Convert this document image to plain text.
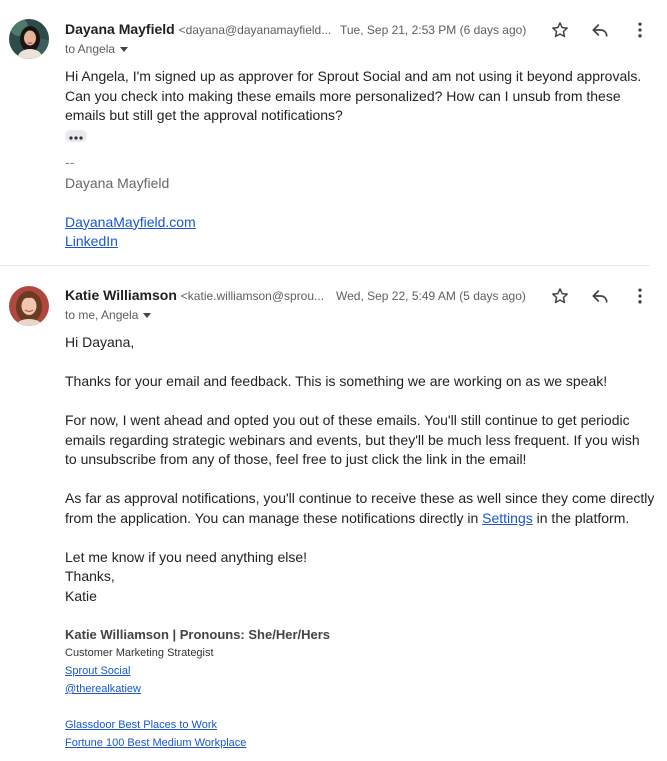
Dayana Mayfield <dayana@dayanamayfield... Tue, Sep 21, 2:53 PM (6 days ago)
to Angela

Hi Angela, I'm signed up as approver for Sprout Social and am not using it beyond approvals. Can you check into making these emails more personalized? How can I unsub from these emails but still get the approval notifications?

--
Dayana Mayfield
DayanaMayfield.com
LinkedIn
Katie Williamson <katie.williamson@sprou... Wed, Sep 22, 5:49 AM (5 days ago)
to me, Angela

Hi Dayana,

Thanks for your email and feedback. This is something we are working on as we speak!

For now, I went ahead and opted you out of these emails. You'll still continue to get periodic emails regarding strategic webinars and events, but they'll be much less frequent. If you wish to unsubscribe from any of those, feel free to just click the link in the email!

As far as approval notifications, you'll continue to receive these as well since they come directly from the application. You can manage these notifications directly in Settings in the platform.

Let me know if you need anything else!

Thanks,

Katie

Katie Williamson | Pronouns: She/Her/Hers
Customer Marketing Strategist
Sprout Social
@therealkatiew

Glassdoor Best Places to Work
Fortune 100 Best Medium Workplace
